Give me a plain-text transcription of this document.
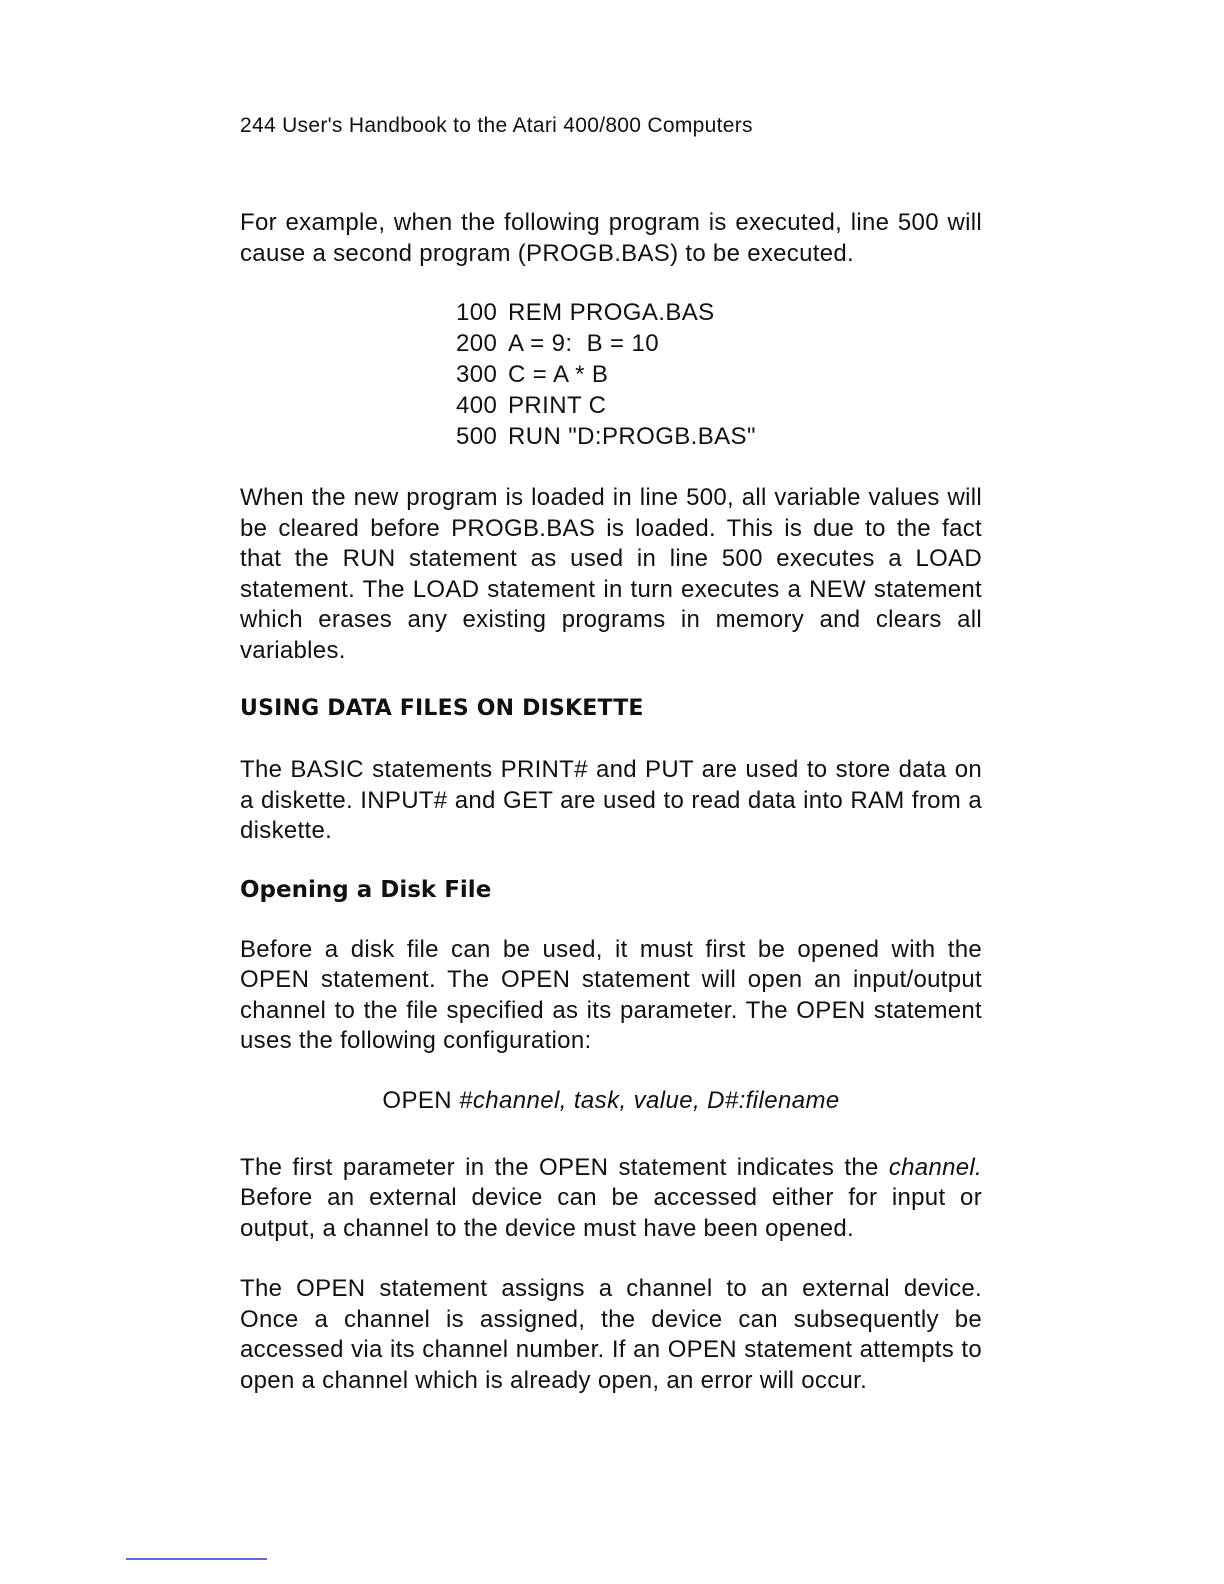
244 User's Handbook to the Atari 400/800 Computers

For example, when the following program is executed, line 500 will cause a second program (PROGB.BAS) to be executed.

100 REM PROGA.BAS
200 A = 9:  B = 10
300 C = A * B
400 PRINT C
500 RUN "D:PROGB.BAS"

When the new program is loaded in line 500, all variable values will be cleared before PROGB.BAS is loaded. This is due to the fact that the RUN statement as used in line 500 executes a LOAD statement. The LOAD statement in turn executes a NEW statement which erases any existing programs in memory and clears all variables.

USING DATA FILES ON DISKETTE

The BASIC statements PRINT# and PUT are used to store data on a diskette. INPUT# and GET are used to read data into RAM from a diskette.

Opening a Disk File

Before a disk file can be used, it must first be opened with the OPEN statement. The OPEN statement will open an input/output channel to the file specified as its parameter. The OPEN statement uses the following configuration:

OPEN #channel, task, value, D#:filename

The first parameter in the OPEN statement indicates the channel. Before an external device can be accessed either for input or output, a channel to the device must have been opened.

The OPEN statement assigns a channel to an external device. Once a channel is assigned, the device can subsequently be accessed via its channel number. If an OPEN statement attempts to open a channel which is already open, an error will occur.
